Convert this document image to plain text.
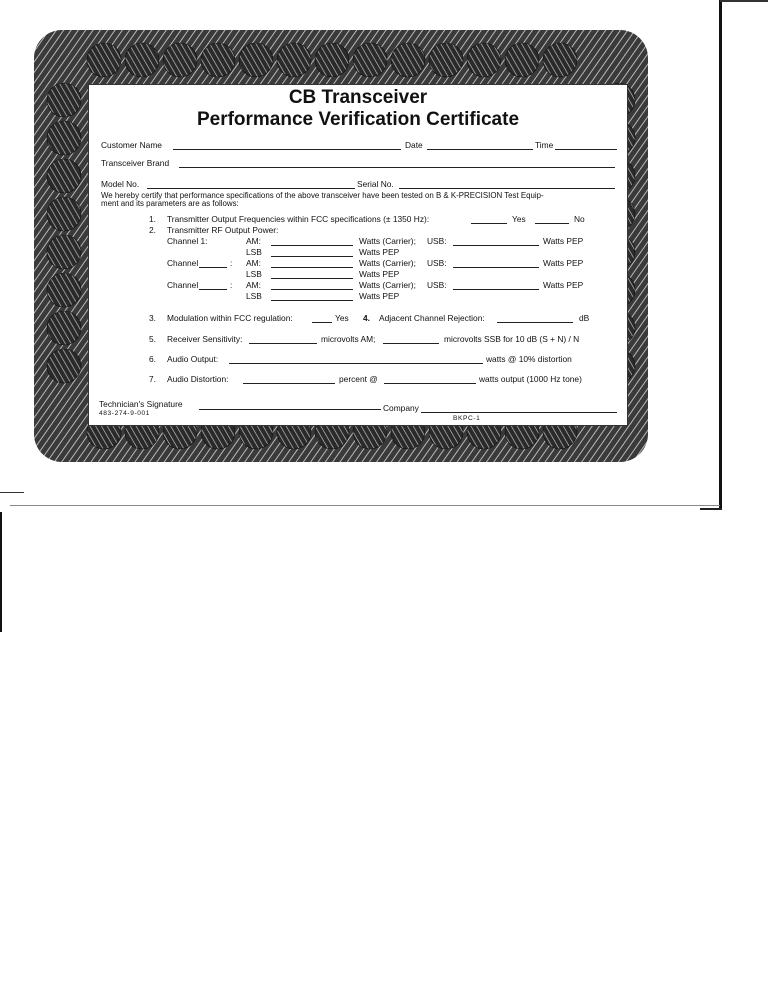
CB Transceiver
Performance Verification Certificate
Customer Name	Date	Time
Transceiver Brand
Model No.	Serial No.
We hereby certify that performance specifications of the above transceiver have been tested on B & K-PRECISION Test Equip-
ment and its parameters are as follows:
1. Transmitter Output Frequencies within FCC specifications (± 1350 Hz):	Yes	No
2. Transmitter RF Output Power:
Channel 1:	AM:	Watts (Carrier); USB:	Watts PEP
LSB	Watts PEP
Channel	: AM:	Watts (Carrier); USB:	Watts PEP
LSB	Watts PEP
Channel	: AM:	Watts (Carrier); USB:	Watts PEP
LSB	Watts PEP
3. Modulation within FCC regulation:	Yes 4. Adjacent Channel Rejection:	dB
5. Receiver Sensitivity:	microvolts AM;	microvolts SSB for 10 dB (S + N) / N
6. Audio Output:	watts @ 10% distortion
7. Audio Distortion:	percent @	watts output (1000 Hz tone)
Technician's Signature	Company
483-274-9-001
BKPC-1
